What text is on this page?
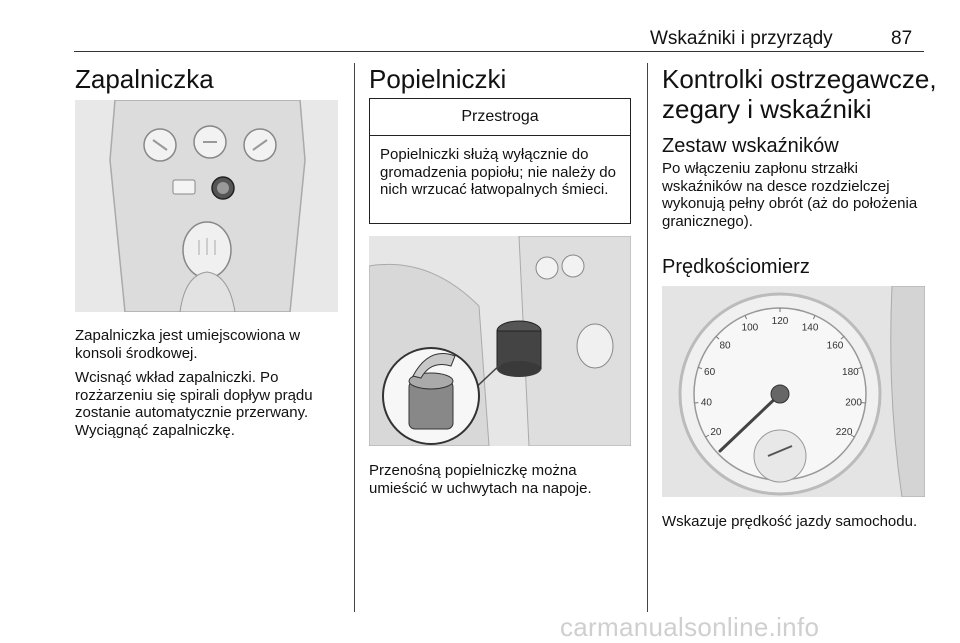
Wskaźniki i przyrządy	87
Zapalniczka

Zapalniczka jest umiejscowiona w konsoli środkowej.

Wcisnąć wkład zapalniczki. Po rozżarzeniu się spirali dopływ prądu zostanie automatycznie przerwany. Wyciągnąć zapalniczkę.

Popielniczki
Przestroga
Popielniczki służą wyłącznie do gromadzenia popiołu; nie należy do nich wrzucać łatwopalnych śmieci.

Przenośną popielniczkę można umieścić w uchwytach na napoje.

Kontrolki ostrzegawcze, zegary i wskaźniki
Zestaw wskaźników

Po włączeniu zapłonu strzałki wskaźników na desce rozdzielczej wykonują pełny obrót (aż do położenia granicznego).

Prędkościomierz
20
40
60
80
100
120
140
160
180
200
220

Wskazuje prędkość jazdy samochodu.

carmanualsonline.info
